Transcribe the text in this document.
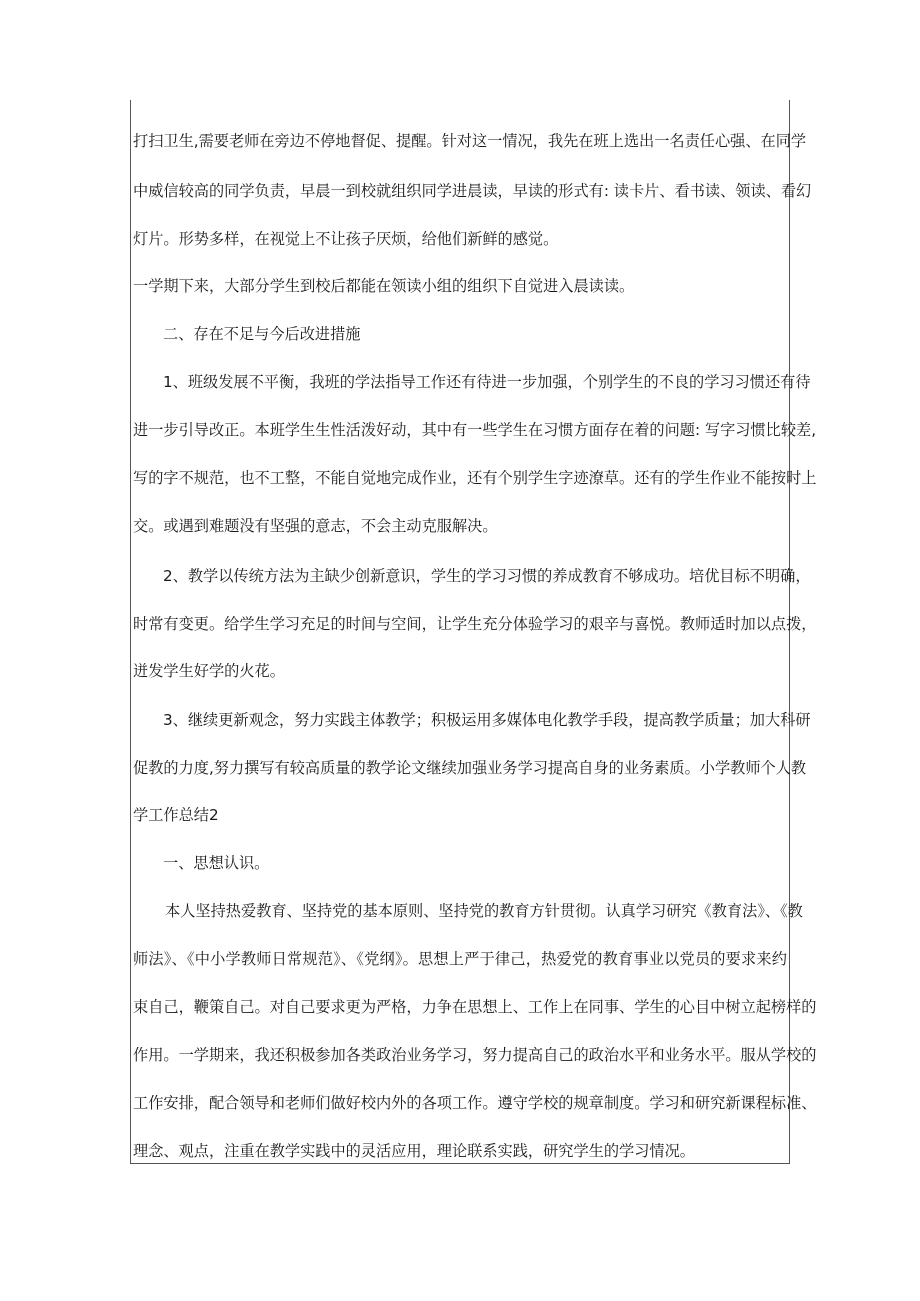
打扫卫生,需要老师在旁边不停地督促、提醒。针对这一情况，我先在班上选出一名责任心强、在同学
中威信较高的同学负责，早晨一到校就组织同学进晨读，早读的形式有: 读卡片、看书读、领读、看幻
灯片。形势多样，在视觉上不让孩子厌烦，给他们新鲜的感觉。
一学期下来，大部分学生到校后都能在领读小组的组织下自觉进入晨读读。
二、存在不足与今后改进措施
1、班级发展不平衡，我班的学法指导工作还有待进一步加强，个别学生的不良的学习习惯还有待
进一步引导改正。本班学生生性活泼好动，其中有一些学生在习惯方面存在着的问题: 写字习惯比较差,
写的字不规范，也不工整，不能自觉地完成作业，还有个别学生字迹潦草。还有的学生作业不能按时上
交。或遇到难题没有坚强的意志，不会主动克服解决。
2、教学以传统方法为主缺少创新意识，学生的学习习惯的养成教育不够成功。培优目标不明确，
时常有变更。给学生学习充足的时间与空间，让学生充分体验学习的艰辛与喜悦。教师适时加以点拨，
迸发学生好学的火花。
3、继续更新观念，努力实践主体教学；积极运用多媒体电化教学手段，提高教学质量；加大科研
促教的力度,努力撰写有较高质量的教学论文继续加强业务学习提高自身的业务素质。小学教师个人教
学工作总结2
一、思想认识。
本人坚持热爱教育、坚持党的基本原则、坚持党的教育方针贯彻。认真学习研究《教育法》、《教
师法》、《中小学教师日常规范》、《党纲》。思想上严于律己，热爱党的教育事业以党员的要求来约
束自己，鞭策自己。对自己要求更为严格，力争在思想上、工作上在同事、学生的心目中树立起榜样的
作用。一学期来，我还积极参加各类政治业务学习，努力提高自己的政治水平和业务水平。服从学校的
工作安排，配合领导和老师们做好校内外的各项工作。遵守学校的规章制度。学习和研究新课程标准、
理念、观点，注重在教学实践中的灵活应用，理论联系实践，研究学生的学习情况。
